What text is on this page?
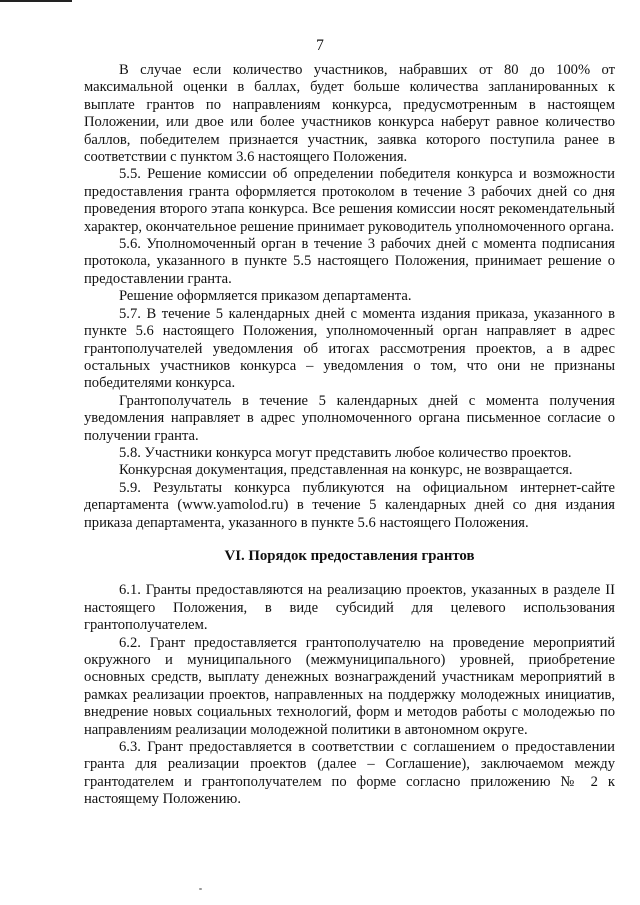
7

В случае если количество участников, набравших от 80 до 100% от максимальной оценки в баллах, будет больше количества запланированных к выплате грантов по направлениям конкурса, предусмотренным в настоящем Положении, или двое или более участников конкурса наберут равное количество баллов, победителем признается участник, заявка которого поступила ранее в соответствии с пунктом 3.6 настоящего Положения.

5.5. Решение комиссии об определении победителя конкурса и возможности предоставления гранта оформляется протоколом в течение 3 рабочих дней со дня проведения второго этапа конкурса. Все решения комиссии носят рекомендательный характер, окончательное решение принимает руководитель уполномоченного органа.

5.6. Уполномоченный орган в течение 3 рабочих дней с момента подписания протокола, указанного в пункте 5.5 настоящего Положения, принимает решение о предоставлении гранта.

Решение оформляется приказом департамента.

5.7. В течение 5 календарных дней с момента издания приказа, указанного в пункте 5.6 настоящего Положения, уполномоченный орган направляет в адрес грантополучателей уведомления об итогах рассмотрения проектов, а в адрес остальных участников конкурса – уведомления о том, что они не признаны победителями конкурса.

Грантополучатель в течение 5 календарных дней с момента получения уведомления направляет в адрес уполномоченного органа письменное согласие о получении гранта.

5.8. Участники конкурса могут представить любое количество проектов.

Конкурсная документация, представленная на конкурс, не возвращается.

5.9. Результаты конкурса публикуются на официальном интернет-сайте департамента (www.yamolod.ru) в течение 5 календарных дней со дня издания приказа департамента, указанного в пункте 5.6 настоящего Положения.

VI. Порядок предоставления грантов

6.1. Гранты предоставляются на реализацию проектов, указанных в разделе II настоящего Положения, в виде субсидий для целевого использования грантополучателем.

6.2. Грант предоставляется грантополучателю на проведение мероприятий окружного и муниципального (межмуниципального) уровней, приобретение основных средств, выплату денежных вознаграждений участникам мероприятий в рамках реализации проектов, направленных на поддержку молодежных инициатив, внедрение новых социальных технологий, форм и методов работы с молодежью по направлениям реализации молодежной политики в автономном округе.

6.3. Грант предоставляется в соответствии с соглашением о предоставлении гранта для реализации проектов (далее – Соглашение), заключаемом между грантодателем и грантополучателем по форме согласно приложению № 2 к настоящему Положению.
